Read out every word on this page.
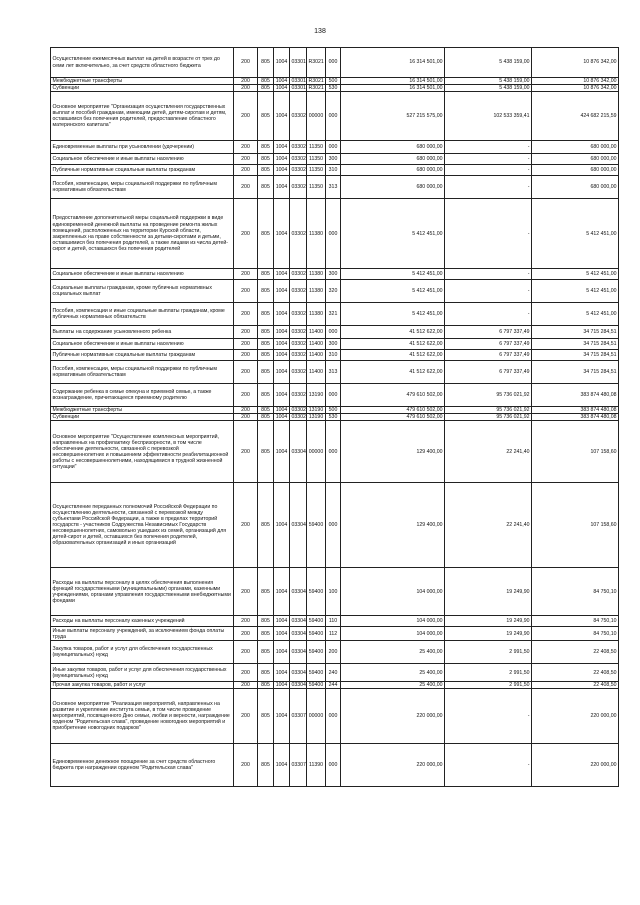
138
Осуществление ежемесячных выплат на детей в возрасте от трех до семи лет включительно, за счет средств областного бюджета	200	805	1004	03301	R3021	000	16 314 501,00	5 438 159,00	10 876 342,00
Межбюджетные трансферты	200	805	1004	03301	R3021	500	16 314 501,00	5 438 159,00	10 876 342,00
Субвенции	200	805	1004	03301	R3021	530	16 314 501,00	5 438 159,00	10 876 342,00
Основное мероприятие "Организация осуществления государственных выплат и пособий гражданам, имеющим детей, детям-сиротам и детям, оставшимся без попечения родителей, предоставление областного материнского капитала"	200	805	1004	03302	00000	000	527 215 575,00	102 533 359,41	424 682 215,59
Единовременные выплаты при усыновлении (удочерении)	200	805	1004	03302	11350	000	680 000,00	-	680 000,00
Социальное обеспечение и иные выплаты населению	200	805	1004	03302	11350	300	680 000,00	-	680 000,00
Публичные нормативные социальные выплаты гражданам	200	805	1004	03302	11350	310	680 000,00	-	680 000,00
Пособия, компенсации, меры социальной поддержки по публичным нормативным обязательствам	200	805	1004	03302	11350	313	680 000,00	-	680 000,00
Предоставление дополнительной меры социальной поддержки в виде единовременной денежной выплаты на проведение ремонта жилых помещений, расположенных на территории Курской области, закрепленных на праве собственности за детьми-сиротами и детьми, оставшимися без попечения родителей, а также лицами из числа детей-сирот и детей, оставшихся без попечения родителей	200	805	1004	03302	11380	000	5 412 451,00	-	5 412 451,00
Социальное обеспечение и иные выплаты населению	200	805	1004	03302	11380	300	5 412 451,00	-	5 412 451,00
Социальные выплаты гражданам, кроме публичных нормативных социальных выплат	200	805	1004	03302	11380	320	5 412 451,00	-	5 412 451,00
Пособия, компенсации и иные социальные выплаты гражданам, кроме публичных нормативных обязательств	200	805	1004	03302	11380	321	5 412 451,00	-	5 412 451,00
Выплаты на содержание усыновленного ребенка	200	805	1004	03302	11400	000	41 512 622,00	6 797 337,49	34 715 284,51
Социальное обеспечение и иные выплаты населению	200	805	1004	03302	11400	300	41 512 622,00	6 797 337,49	34 715 284,51
Публичные нормативные социальные выплаты гражданам	200	805	1004	03302	11400	310	41 512 622,00	6 797 337,49	34 715 284,51
Пособия, компенсации, меры социальной поддержки по публичным нормативным обязательствам	200	805	1004	03302	11400	313	41 512 622,00	6 797 337,49	34 715 284,51
Содержание ребенка в семье опекуна и приемной семье, а также вознаграждение, причитающееся приемному родителю	200	805	1004	03302	13190	000	479 610 502,00	95 736 021,92	383 874 480,08
Межбюджетные трансферты	200	805	1004	03302	13190	500	479 610 502,00	95 736 021,92	383 874 480,08
Субвенции	200	805	1004	03302	13190	530	479 610 502,00	95 736 021,92	383 874 480,08
Основное мероприятие "Осуществление комплексных мероприятий, направленных на профилактику беспризорности, в том числе обеспечение деятельности, связанной с перевозкой несовершеннолетних и повышением эффективности реабилитационной работы с несовершеннолетними, находящимися в трудной жизненной ситуации"	200	805	1004	03304	00000	000	129 400,00	22 241,40	107 158,60
Осуществление переданных полномочий Российской Федерации по осуществлению деятельности, связанной с перевозкой между субъектами Российской Федерации, а также в пределах территорий государств - участников Содружества Независимых Государств несовершеннолетних, самовольно ушедших из семей, организаций для детей-сирот и детей, оставшихся без попечения родителей, образовательных организаций и иных организаций	200	805	1004	03304	59400	000	129 400,00	22 241,40	107 158,60
Расходы на выплаты персоналу в целях обеспечения выполнения функций государственными (муниципальными) органами, казенными учреждениями, органами управления государственными внебюджетными фондами	200	805	1004	03304	59400	100	104 000,00	19 249,90	84 750,10
Расходы на выплаты персоналу казенных учреждений	200	805	1004	03304	59400	110	104 000,00	19 249,90	84 750,10
Иные выплаты персоналу учреждений, за исключением фонда оплаты труда	200	805	1004	03304	59400	112	104 000,00	19 249,90	84 750,10
Закупка товаров, работ и услуг для обеспечения государственных (муниципальных) нужд	200	805	1004	03304	59400	200	25 400,00	2 991,50	22 408,50
Иные закупки товаров, работ и услуг для обеспечения государственных (муниципальных) нужд	200	805	1004	03304	59400	240	25 400,00	2 991,50	22 408,50
Прочая закупка товаров, работ и услуг	200	805	1004	03304	59400	244	25 400,00	2 991,50	22 408,50
Основное мероприятие "Реализация мероприятий, направленных на развитие и укрепление института семьи, в том числе проведение мероприятий, посвященного Дню семьи, любви и верности, награждение орденом "Родительская слава", проведение новогодних мероприятий и приобретение новогодних подарков"	200	805	1004	03307	00000	000	220 000,00	-	220 000,00
Единовременное денежное поощрение за счет средств областного бюджета при награждении орденом "Родительская слава"	200	805	1004	03307	11390	000	220 000,00	-	220 000,00
